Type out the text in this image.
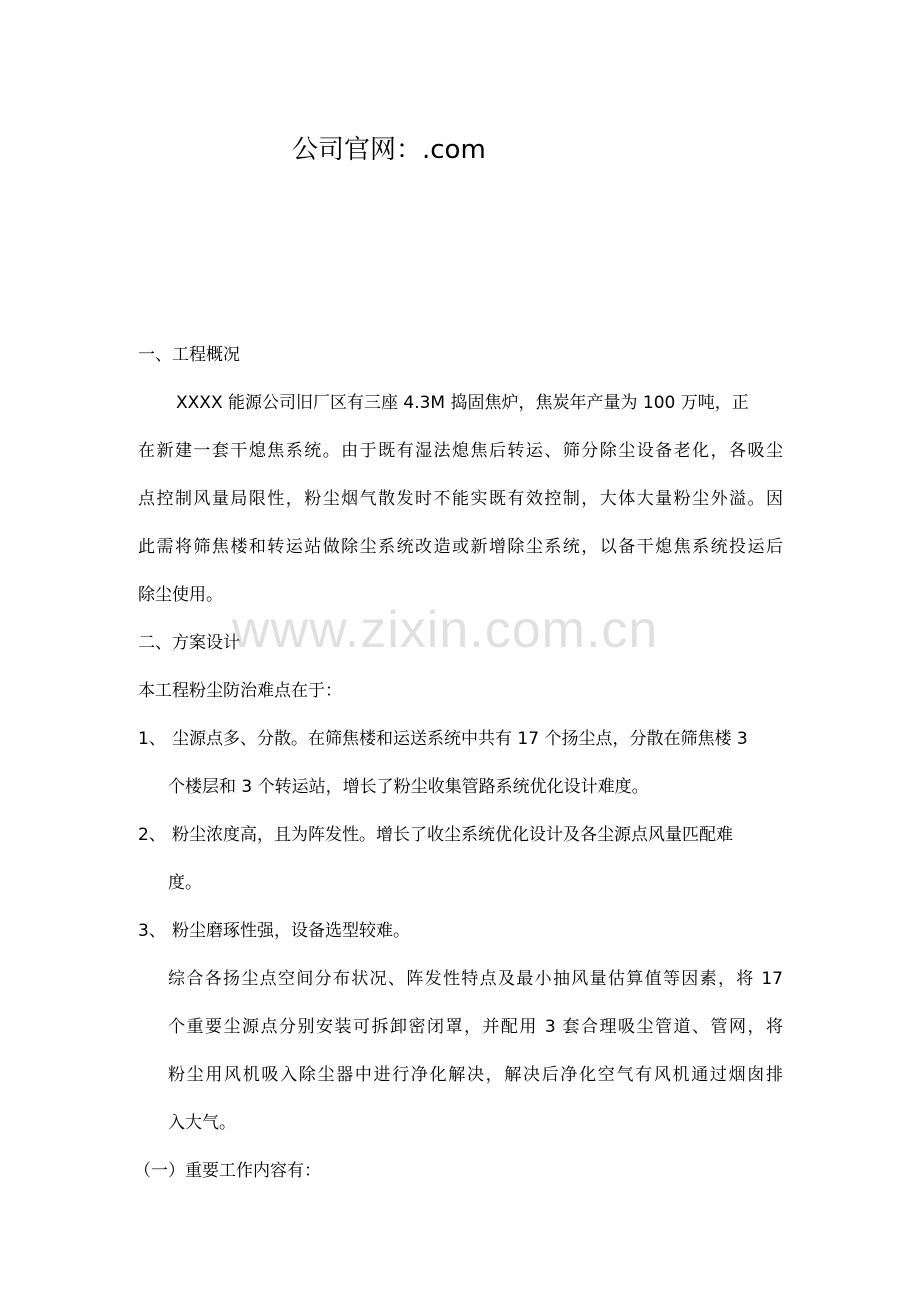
公司官网：.com
www.zixin.com.cn
一、工程概况
XXXX 能源公司旧厂区有三座 4.3M 捣固焦炉，焦炭年产量为 100 万吨，正
在新建一套干熄焦系统。由于既有湿法熄焦后转运、筛分除尘设备老化，各吸尘
点控制风量局限性，粉尘烟气散发时不能实既有效控制，大体大量粉尘外溢。因
此需将筛焦楼和转运站做除尘系统改造或新增除尘系统，以备干熄焦系统投运后
除尘使用。
二、方案设计
本工程粉尘防治难点在于：
1、 尘源点多、分散。在筛焦楼和运送系统中共有 17 个扬尘点，分散在筛焦楼 3
个楼层和 3 个转运站，增长了粉尘收集管路系统优化设计难度。
2、 粉尘浓度高，且为阵发性。增长了收尘系统优化设计及各尘源点风量匹配难
度。
3、 粉尘磨琢性强，设备选型较难。
综合各扬尘点空间分布状况、阵发性特点及最小抽风量估算值等因素，将 17
个重要尘源点分别安装可拆卸密闭罩，并配用 3 套合理吸尘管道、管网，将
粉尘用风机吸入除尘器中进行净化解决，解决后净化空气有风机通过烟囱排
入大气。
（一）重要工作内容有：
